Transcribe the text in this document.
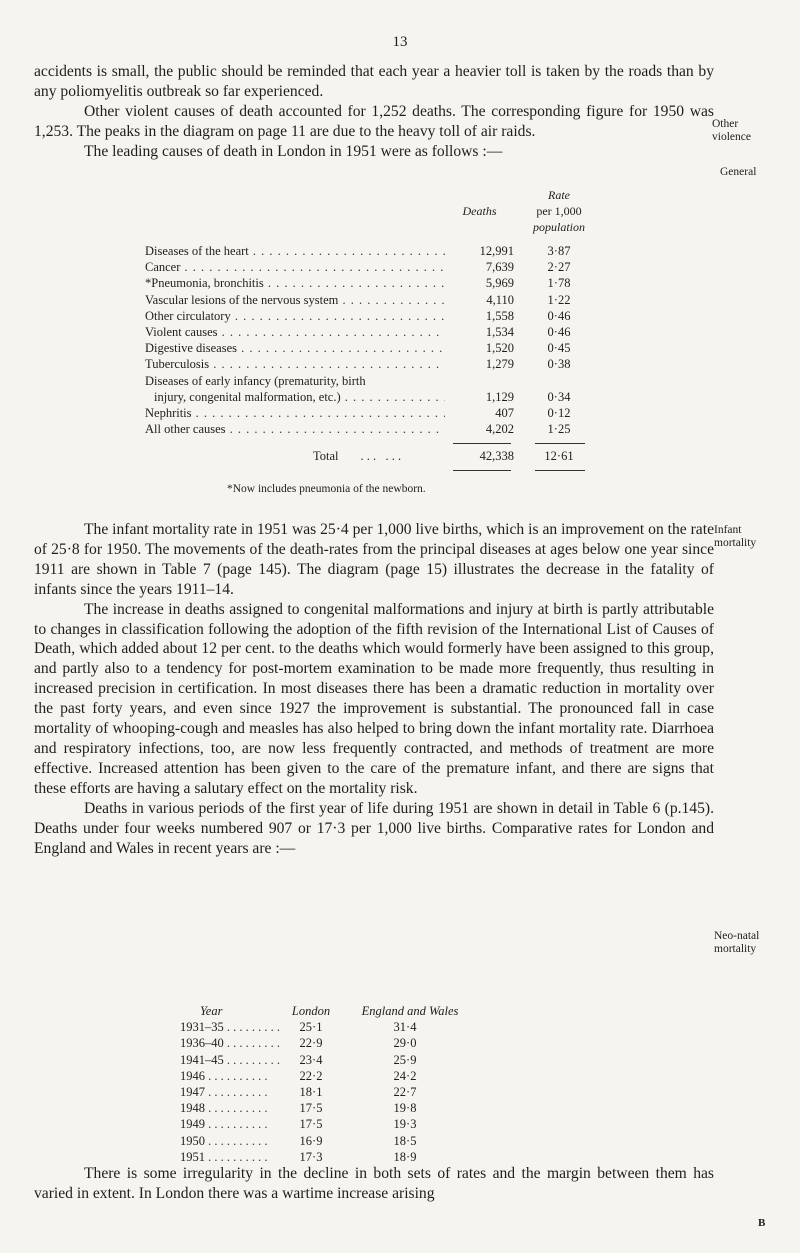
13

accidents is small, the public should be reminded that each year a heavier toll is taken by the roads than by any poliomyelitis outbreak so far experienced.

Other violent causes of death accounted for 1,252 deaths. The corresponding figure for 1950 was 1,253. The peaks in the diagram on page 11 are due to the heavy toll of air raids.

The leading causes of death in London in 1951 were as follows :—

Other
violence
General
Deaths
Rate
per 1,000
population
Diseases of the heart . . .	12,991	3·87
Cancer . . .	7,639	2·27
*Pneumonia, bronchitis . . .	5,969	1·78
Vascular lesions of the nervous system . . .	4,110	1·22
Other circulatory . . .	1,558	0·46
Violent causes . . .	1,534	0·46
Digestive diseases . . .	1,520	0·45
Tuberculosis . . .	1,279	0·38
Diseases of early infancy (prematurity, birth
injury, congenital malformation, etc.) . . .	1,129	0·34
Nephritis . . .	407	0·12
All other causes . . .	4,202	1·25
Total . . .   . . .	42,338	12·61
*Now includes pneumonia of the newborn.

The infant mortality rate in 1951 was 25·4 per 1,000 live births, which is an improvement on the rate of 25·8 for 1950. The movements of the death-rates from the principal diseases at ages below one year since 1911 are shown in Table 7 (page 145). The diagram (page 15) illustrates the decrease in the fatality of infants since the years 1911–14.

The increase in deaths assigned to congenital malformations and injury at birth is partly attributable to changes in classification following the adoption of the fifth revision of the International List of Causes of Death, which added about 12 per cent. to the deaths which would formerly have been assigned to this group, and partly also to a tendency for post-mortem examination to be made more frequently, thus resulting in increased precision in certification. In most diseases there has been a dramatic reduction in mortality over the past forty years, and even since 1927 the improvement is substantial. The pronounced fall in case mortality of whooping-cough and measles has also helped to bring down the infant mortality rate. Diarrhoea and respiratory infections, too, are now less frequently contracted, and methods of treatment are more effective. Increased attention has been given to the care of the premature infant, and there are signs that these efforts are having a salutary effect on the mortality risk.

Deaths in various periods of the first year of life during 1951 are shown in detail in Table 6 (p.145). Deaths under four weeks numbered 907 or 17·3 per 1,000 live births. Comparative rates for London and England and Wales in recent years are :—

Infant
mortality
Neo-natal
mortality
Year	London	England and Wales
1931–35 . . .	25·1	31·4
1936–40 . . .	22·9	29·0
1941–45 . . .	23·4	25·9
1946 . . .	22·2	24·2
1947 . . .	18·1	22·7
1948 . . .	17·5	19·8
1949 . . .	17·5	19·3
1950 . . .	16·9	18·5
1951 . . .	17·3	18·9

There is some irregularity in the decline in both sets of rates and the margin between them has varied in extent. In London there was a wartime increase arising

B
